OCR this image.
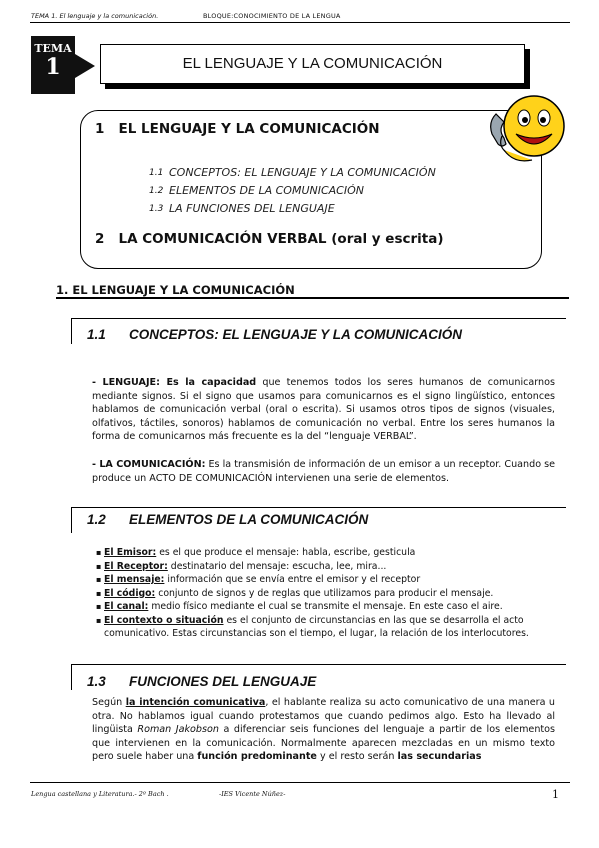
TEMA 1. El lenguaje y la comunicación.	BLOQUE:CONOCIMIENTO DE LA LENGUA
TEMA
1	EL LENGUAJE Y LA COMUNICACIÓN
1 EL LENGUAJE Y LA COMUNICACIÓN
1.1 CONCEPTOS: EL LENGUAJE Y LA COMUNICACIÓN
1.2 ELEMENTOS DE LA COMUNICACIÓN
1.3 LA FUNCIONES DEL LENGUAJE
2 LA COMUNICACIÓN VERBAL (oral y escrita)
1. EL LENGUAJE Y LA COMUNICACIÓN
1.1 CONCEPTOS: EL LENGUAJE Y LA COMUNICACIÓN
- LENGUAJE: Es la capacidad que tenemos todos los seres humanos de comunicarnos mediante signos. Si el signo que usamos para comunicarnos es el signo lingüístico, entonces hablamos de comunicación verbal (oral o escrita). Si usamos otros tipos de signos (visuales, olfativos, táctiles, sonoros) hablamos de comunicación no verbal. Entre los seres humanos la forma de comunicarnos más frecuente es la del “lenguaje VERBAL”.
- LA COMUNICACIÓN: Es la transmisión de información de un emisor a un receptor. Cuando se produce un ACTO DE COMUNICACIÓN intervienen una serie de elementos.
1.2 ELEMENTOS DE LA COMUNICACIÓN
▪ El Emisor: es el que produce el mensaje: habla, escribe, gesticula
▪ El Receptor: destinatario del mensaje: escucha, lee, mira...
▪ El mensaje: información que se envía entre el emisor y el receptor
▪ El código: conjunto de signos y de reglas que utilizamos para producir el mensaje.
▪ El canal: medio físico mediante el cual se transmite el mensaje. En este caso el aire.
▪ El contexto o situación es el conjunto de circunstancias en las que se desarrolla el acto comunicativo. Estas circunstancias son el tiempo, el lugar, la relación de los interlocutores.
1.3 FUNCIONES DEL LENGUAJE
Según la intención comunicativa, el hablante realiza su acto comunicativo de una manera u otra. No hablamos igual cuando protestamos que cuando pedimos algo. Esto ha llevado al lingüista Roman Jakobson a diferenciar seis funciones del lenguaje a partir de los elementos que intervienen en la comunicación. Normalmente aparecen mezcladas en un mismo texto pero suele haber una función predominante y el resto serán las secundarias
Lengua castellana y Literatura.- 2º Bach .	-IES Vicente Núñez-	1
